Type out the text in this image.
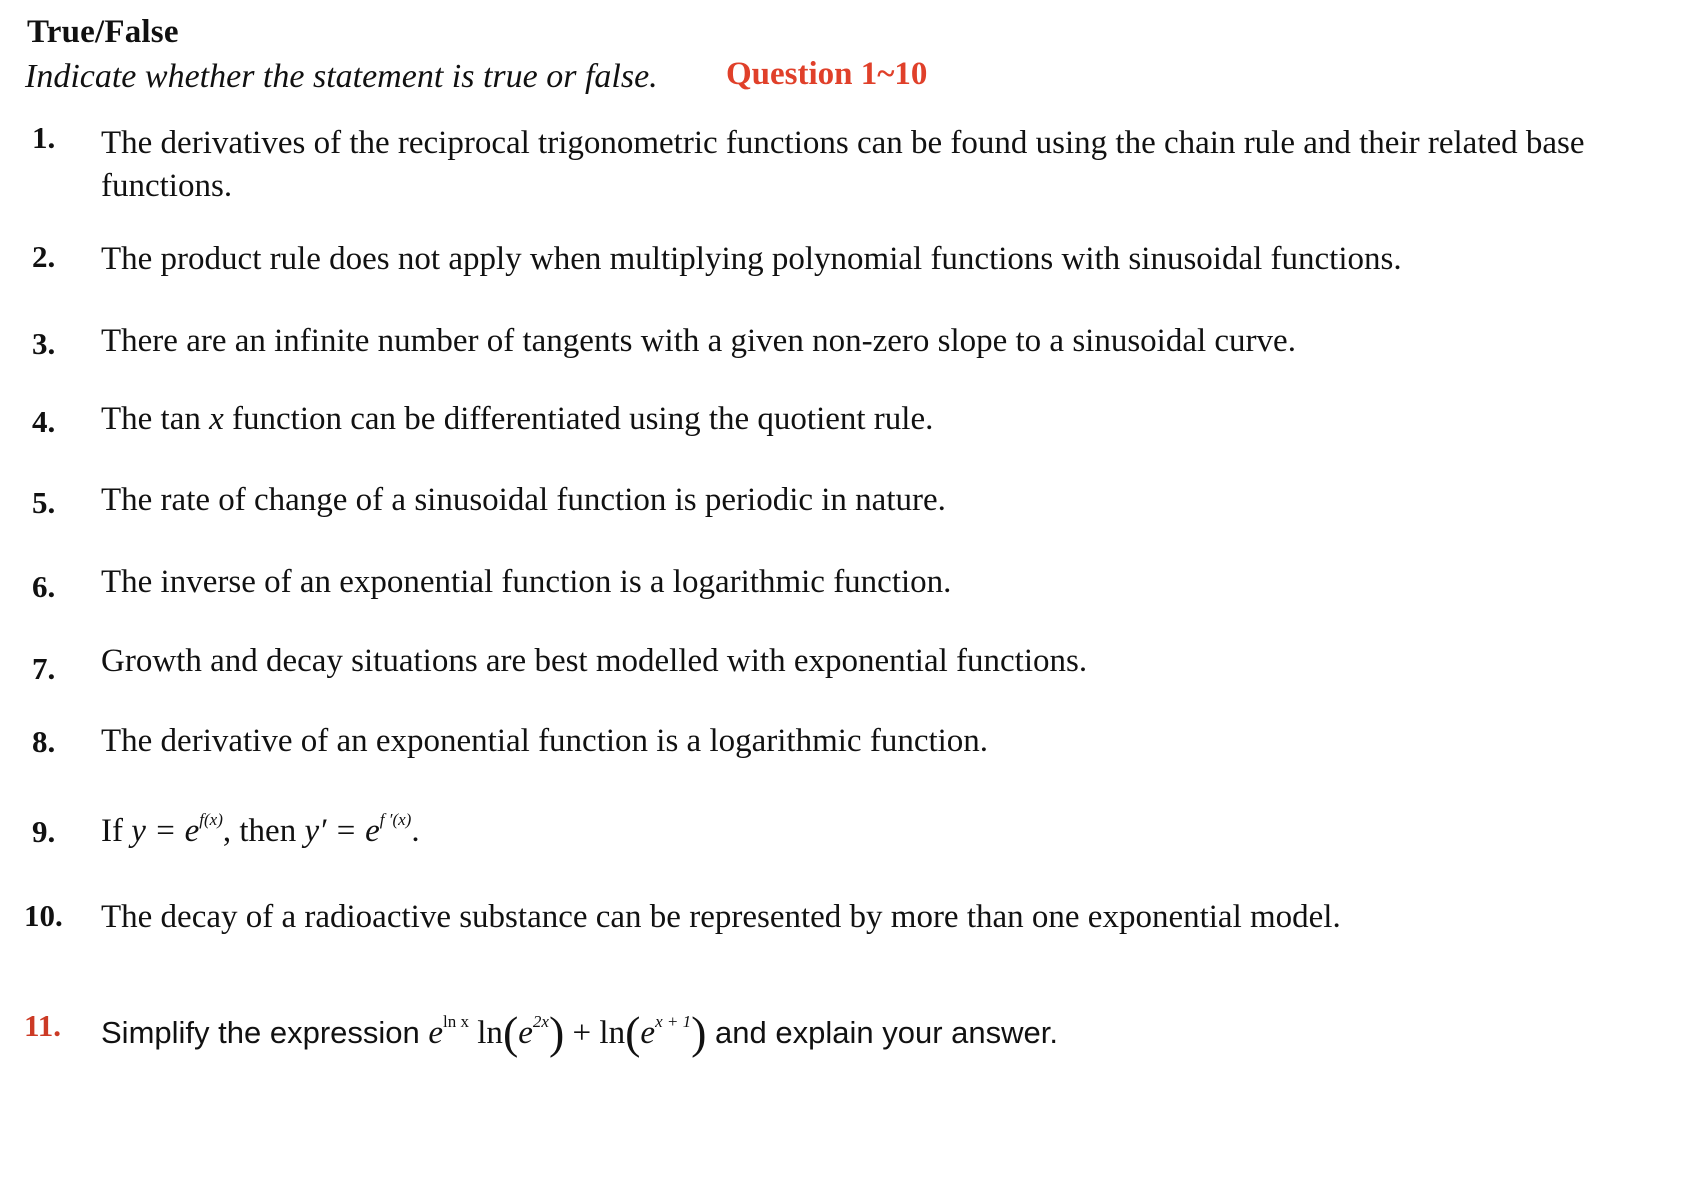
True/False
Indicate whether the statement is true or false. Question 1~10
1.	The derivatives of the reciprocal trigonometric functions can be found using the chain rule and their related base functions.
2.	The product rule does not apply when multiplying polynomial functions with sinusoidal functions.
3.	There are an infinite number of tangents with a given non-zero slope to a sinusoidal curve.
4.	The tan x function can be differentiated using the quotient rule.
5.	The rate of change of a sinusoidal function is periodic in nature.
6.	The inverse of an exponential function is a logarithmic function.
7.	Growth and decay situations are best modelled with exponential functions.
8.	The derivative of an exponential function is a logarithmic function.
9.	If $y = e^{f(x)}$, then $y' = e^{f '(x)}$.
10.	The decay of a radioactive substance can be represented by more than one exponential model.
11.	Simplify the expression $e^{ln x}$ $\ln(e^{2x}) + \ln(e^{x + 1})$ and explain your answer.
